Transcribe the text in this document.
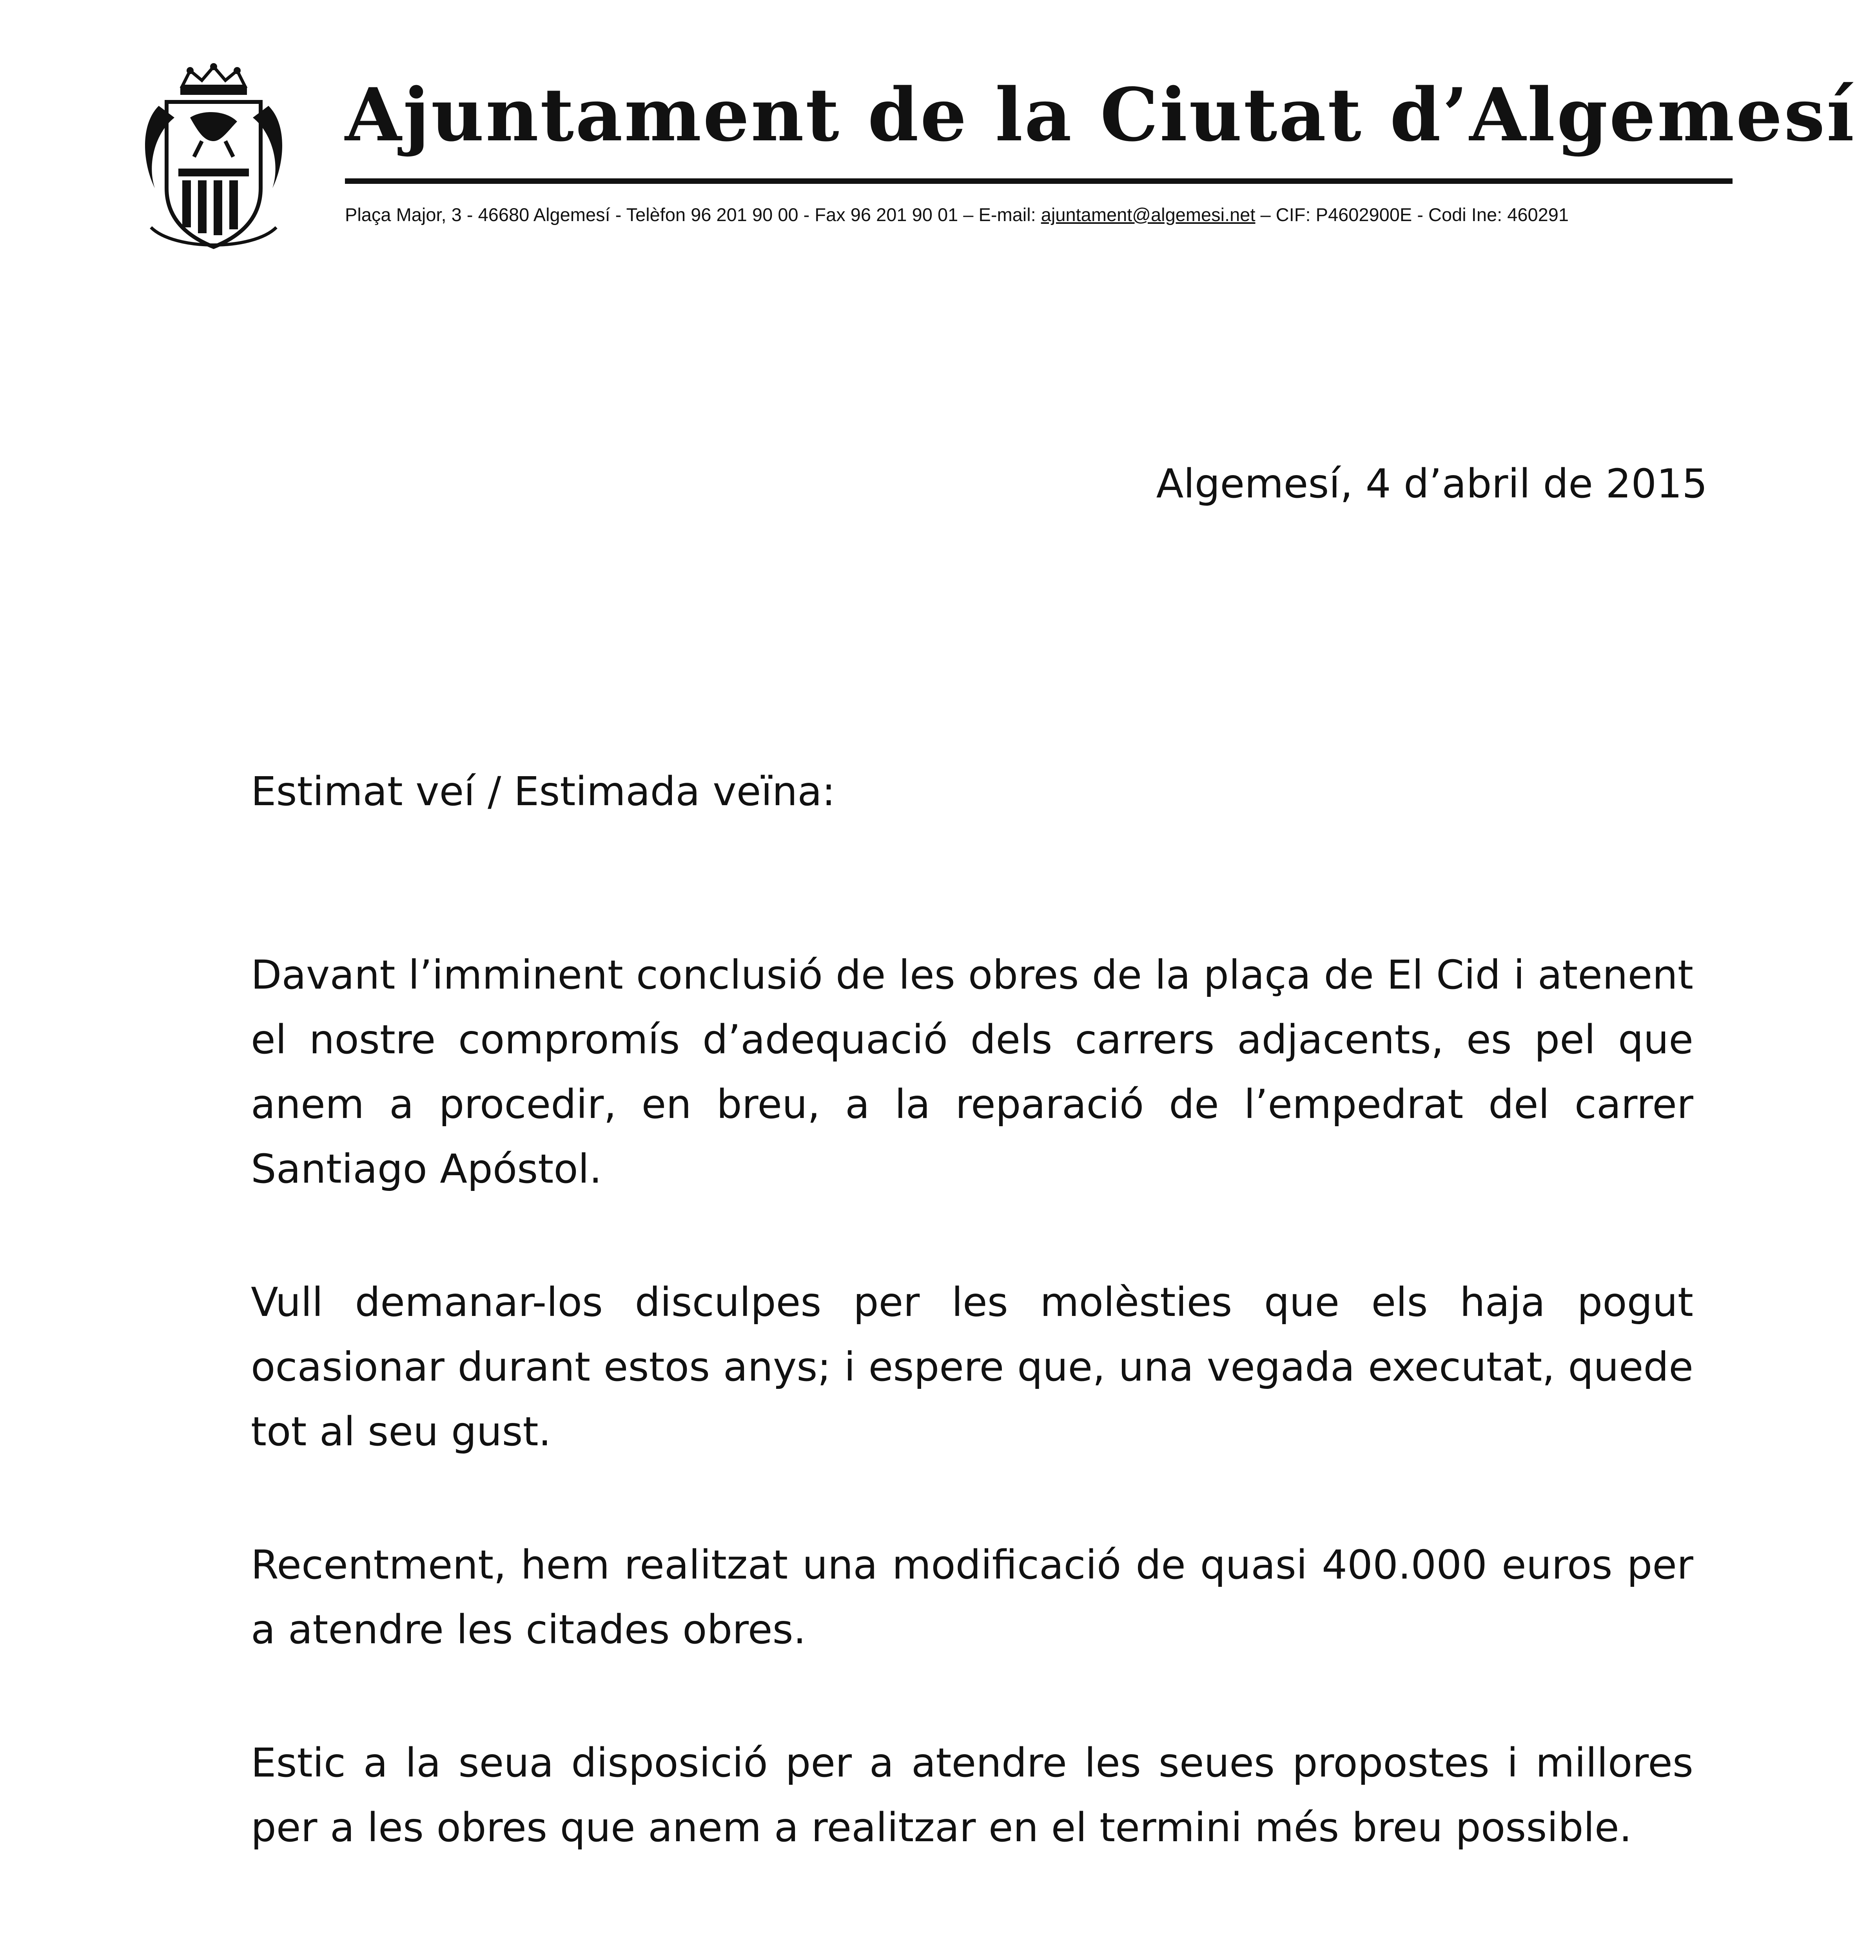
Ajuntament de la Ciutat d’Algemesí
Plaça Major, 3 - 46680 Algemesí - Telèfon 96 201 90 00 - Fax 96 201 90 01 – E-mail: ajuntament@algemesi.net – CIF: P4602900E - Codi Ine: 460291
Algemesí, 4 d’abril de 2015
Estimat veí / Estimada veïna:
Davant l’imminent conclusió de les obres de la plaça de El Cid i atenent el nostre compromís d’adequació dels carrers adjacents, es pel que anem a procedir, en breu, a la reparació de l’empedrat del carrer Santiago Apóstol.
Vull demanar-los disculpes per les molèsties que els haja pogut ocasionar durant estos anys; i espere que, una vegada executat, quede tot al seu gust.
Recentment, hem realitzat una modificació de quasi 400.000 euros per a atendre les citades obres.
Estic a la seua disposició per a atendre les seues propostes i millores per a les obres que anem a realitzar en el termini més breu possible.
